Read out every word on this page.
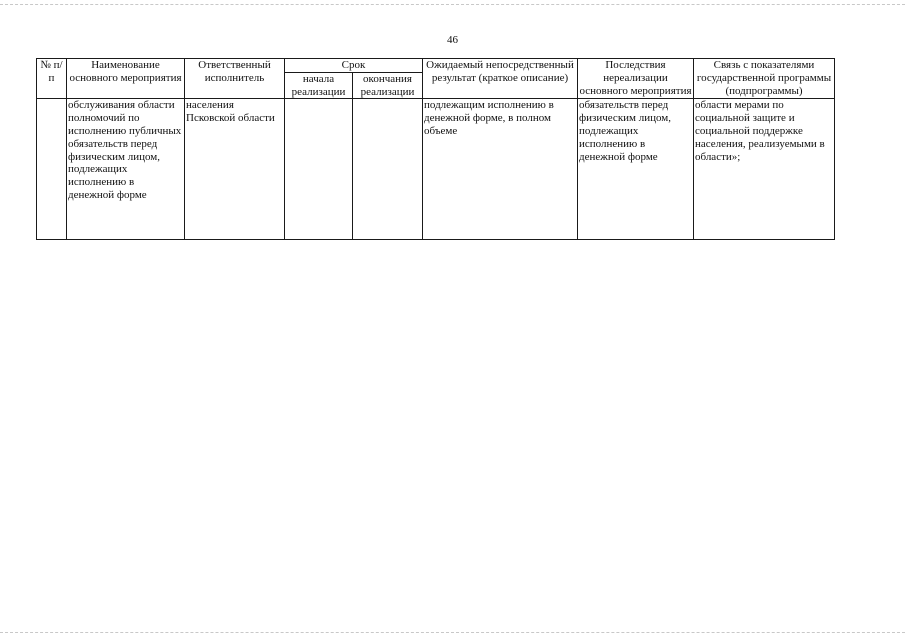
46
№ п/п	Наименование основного мероприятия	Ответственный исполнитель	Срок		Ожидаемый непосредственный результат (краткое описание)	Последствия нереализации основного мероприятия	Связь с показателями государственной программы (подпрограммы)
			начала реализации	окончания реализации			
	обслуживания области полномочий по исполнению публичных обязательств перед физическим лицом, подлежащих исполнению в денежной форме	населения Псковской области			подлежащим исполнению в денежной форме, в полном объеме	обязательств перед физическим лицом, подлежащих исполнению в денежной форме	области мерами по социальной защите и социальной поддержке населения, реализуемыми в области»;
